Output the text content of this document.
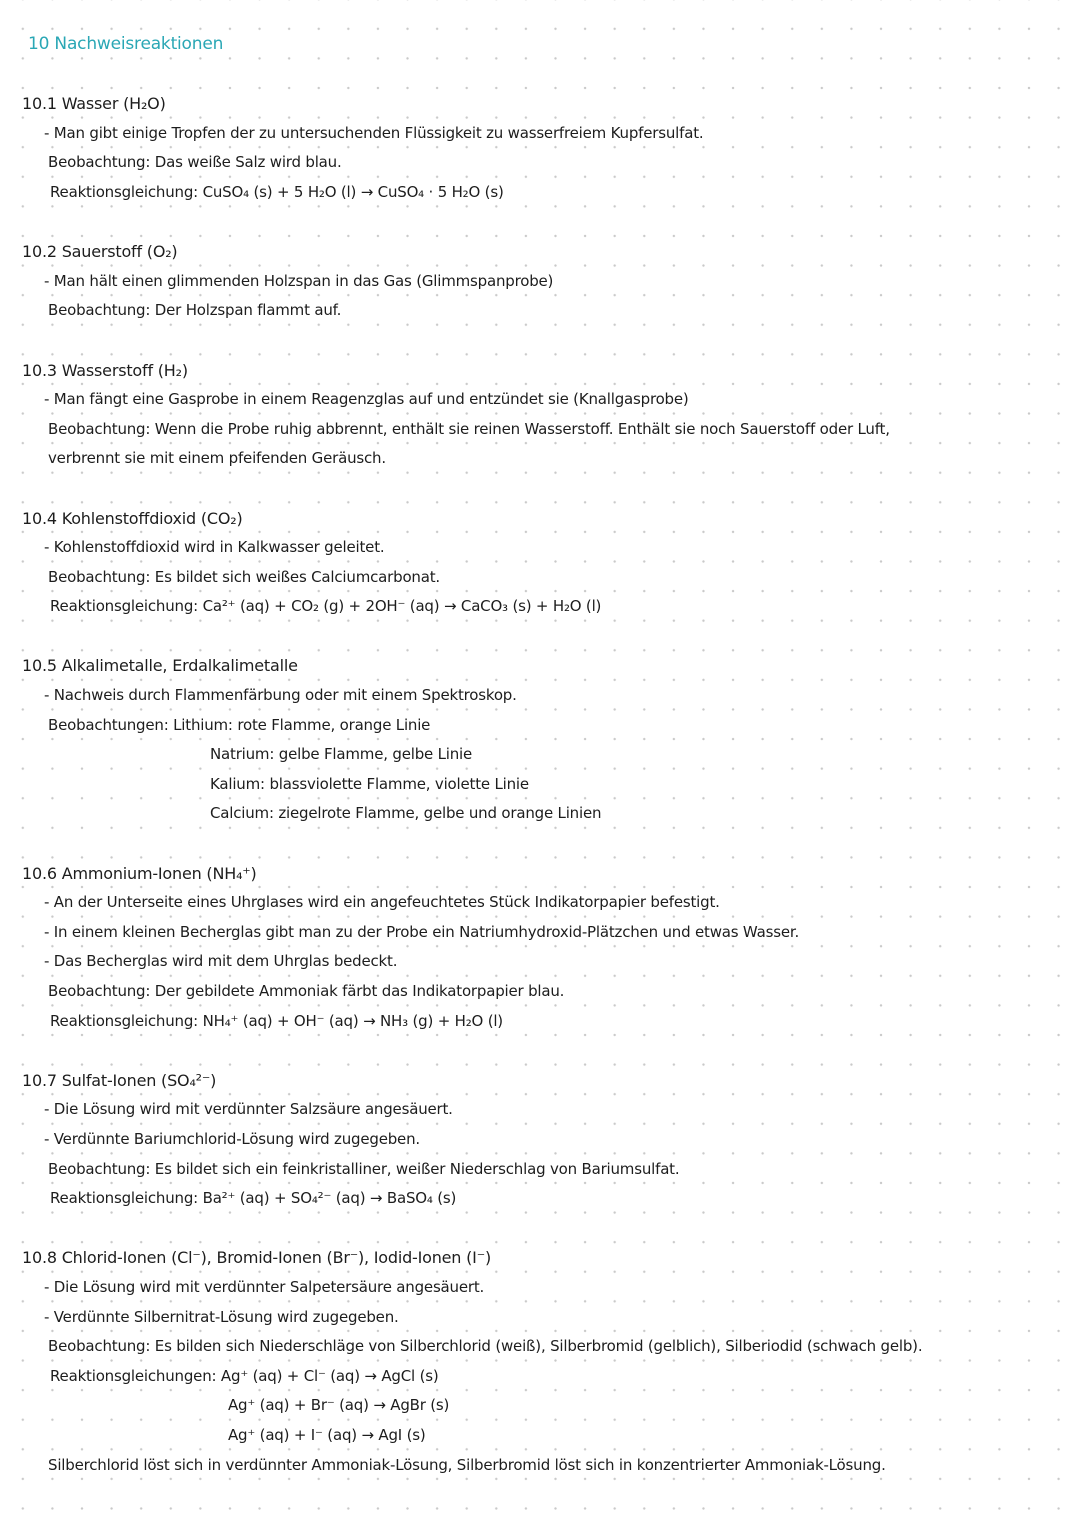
10 Nachweisreaktionen
10.1 Wasser (H₂O)
- Man gibt einige Tropfen der zu untersuchenden Flüssigkeit zu wasserfreiem Kupfersulfat.
Beobachtung: Das weiße Salz wird blau.
Reaktionsgleichung: CuSO₄ (s) + 5 H₂O (l) → CuSO₄ · 5 H₂O (s)
10.2 Sauerstoff (O₂)
- Man hält einen glimmenden Holzspan in das Gas (Glimmspanprobe)
Beobachtung: Der Holzspan flammt auf.
10.3 Wasserstoff (H₂)
- Man fängt eine Gasprobe in einem Reagenzglas auf und entzündet sie (Knallgasprobe)
Beobachtung: Wenn die Probe ruhig abbrennt, enthält sie reinen Wasserstoff. Enthält sie noch Sauerstoff oder Luft,
verbrennt sie mit einem pfeifenden Geräusch.
10.4 Kohlenstoffdioxid (CO₂)
- Kohlenstoffdioxid wird in Kalkwasser geleitet.
Beobachtung: Es bildet sich weißes Calciumcarbonat.
Reaktionsgleichung: Ca²⁺ (aq) + CO₂ (g) + 2OH⁻ (aq) → CaCO₃ (s) + H₂O (l)
10.5 Alkalimetalle, Erdalkalimetalle
- Nachweis durch Flammenfärbung oder mit einem Spektroskop.
Beobachtungen: Lithium: rote Flamme, orange Linie
Natrium: gelbe Flamme, gelbe Linie
Kalium: blassviolette Flamme, violette Linie
Calcium: ziegelrote Flamme, gelbe und orange Linien
10.6 Ammonium-Ionen (NH₄⁺)
- An der Unterseite eines Uhrglases wird ein angefeuchtetes Stück Indikatorpapier befestigt.
- In einem kleinen Becherglas gibt man zu der Probe ein Natriumhydroxid-Plätzchen und etwas Wasser.
- Das Becherglas wird mit dem Uhrglas bedeckt.
Beobachtung: Der gebildete Ammoniak färbt das Indikatorpapier blau.
Reaktionsgleichung: NH₄⁺ (aq) + OH⁻ (aq) → NH₃ (g) + H₂O (l)
10.7 Sulfat-Ionen (SO₄²⁻)
- Die Lösung wird mit verdünnter Salzsäure angesäuert.
- Verdünnte Bariumchlorid-Lösung wird zugegeben.
Beobachtung: Es bildet sich ein feinkristalliner, weißer Niederschlag von Bariumsulfat.
Reaktionsgleichung: Ba²⁺ (aq) + SO₄²⁻ (aq) → BaSO₄ (s)
10.8 Chlorid-Ionen (Cl⁻), Bromid-Ionen (Br⁻), Iodid-Ionen (I⁻)
- Die Lösung wird mit verdünnter Salpetersäure angesäuert.
- Verdünnte Silbernitrat-Lösung wird zugegeben.
Beobachtung: Es bilden sich Niederschläge von Silberchlorid (weiß), Silberbromid (gelblich), Silberiodid (schwach gelb).
Reaktionsgleichungen: Ag⁺ (aq) + Cl⁻ (aq) → AgCl (s)
Ag⁺ (aq) + Br⁻ (aq) → AgBr (s)
Ag⁺ (aq) + I⁻ (aq) → AgI (s)
Silberchlorid löst sich in verdünnter Ammoniak-Lösung, Silberbromid löst sich in konzentrierter Ammoniak-Lösung.
